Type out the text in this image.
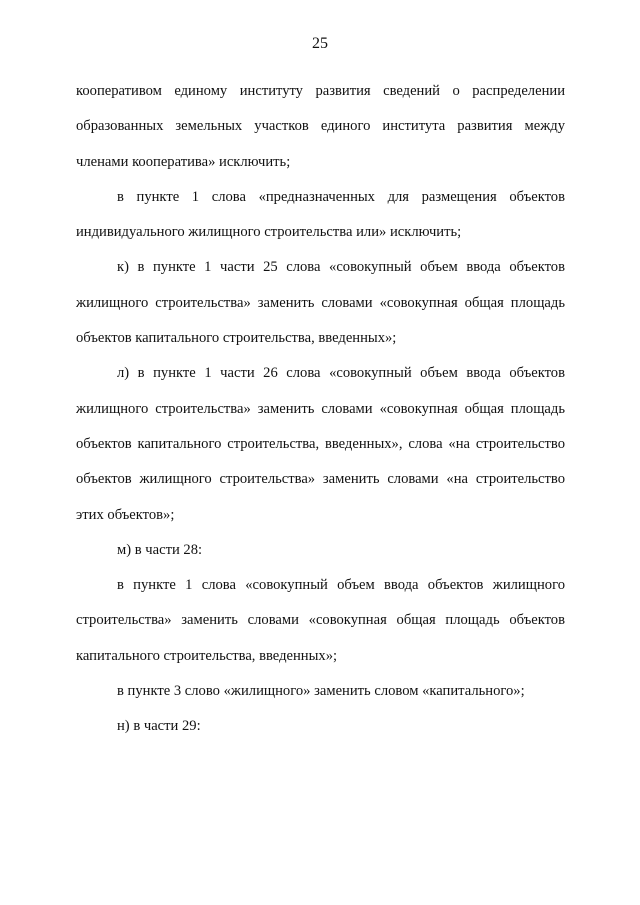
25

кооперативом единому институту развития сведений о распределении образованных земельных участков единого института развития между членами кооператива» исключить;

в пункте 1 слова «предназначенных для размещения объектов индивидуального жилищного строительства или» исключить;

к) в пункте 1 части 25 слова «совокупный объем ввода объектов жилищного строительства» заменить словами «совокупная общая площадь объектов капитального строительства, введенных»;

л) в пункте 1 части 26 слова «совокупный объем ввода объектов жилищного строительства» заменить словами «совокупная общая площадь объектов капитального строительства, введенных», слова «на строительство объектов жилищного строительства» заменить словами «на строительство этих объектов»;

м) в части 28:

в пункте 1 слова «совокупный объем ввода объектов жилищного строительства» заменить словами «совокупная общая площадь объектов капитального строительства, введенных»;

в пункте 3 слово «жилищного» заменить словом «капитального»;

н) в части 29:
